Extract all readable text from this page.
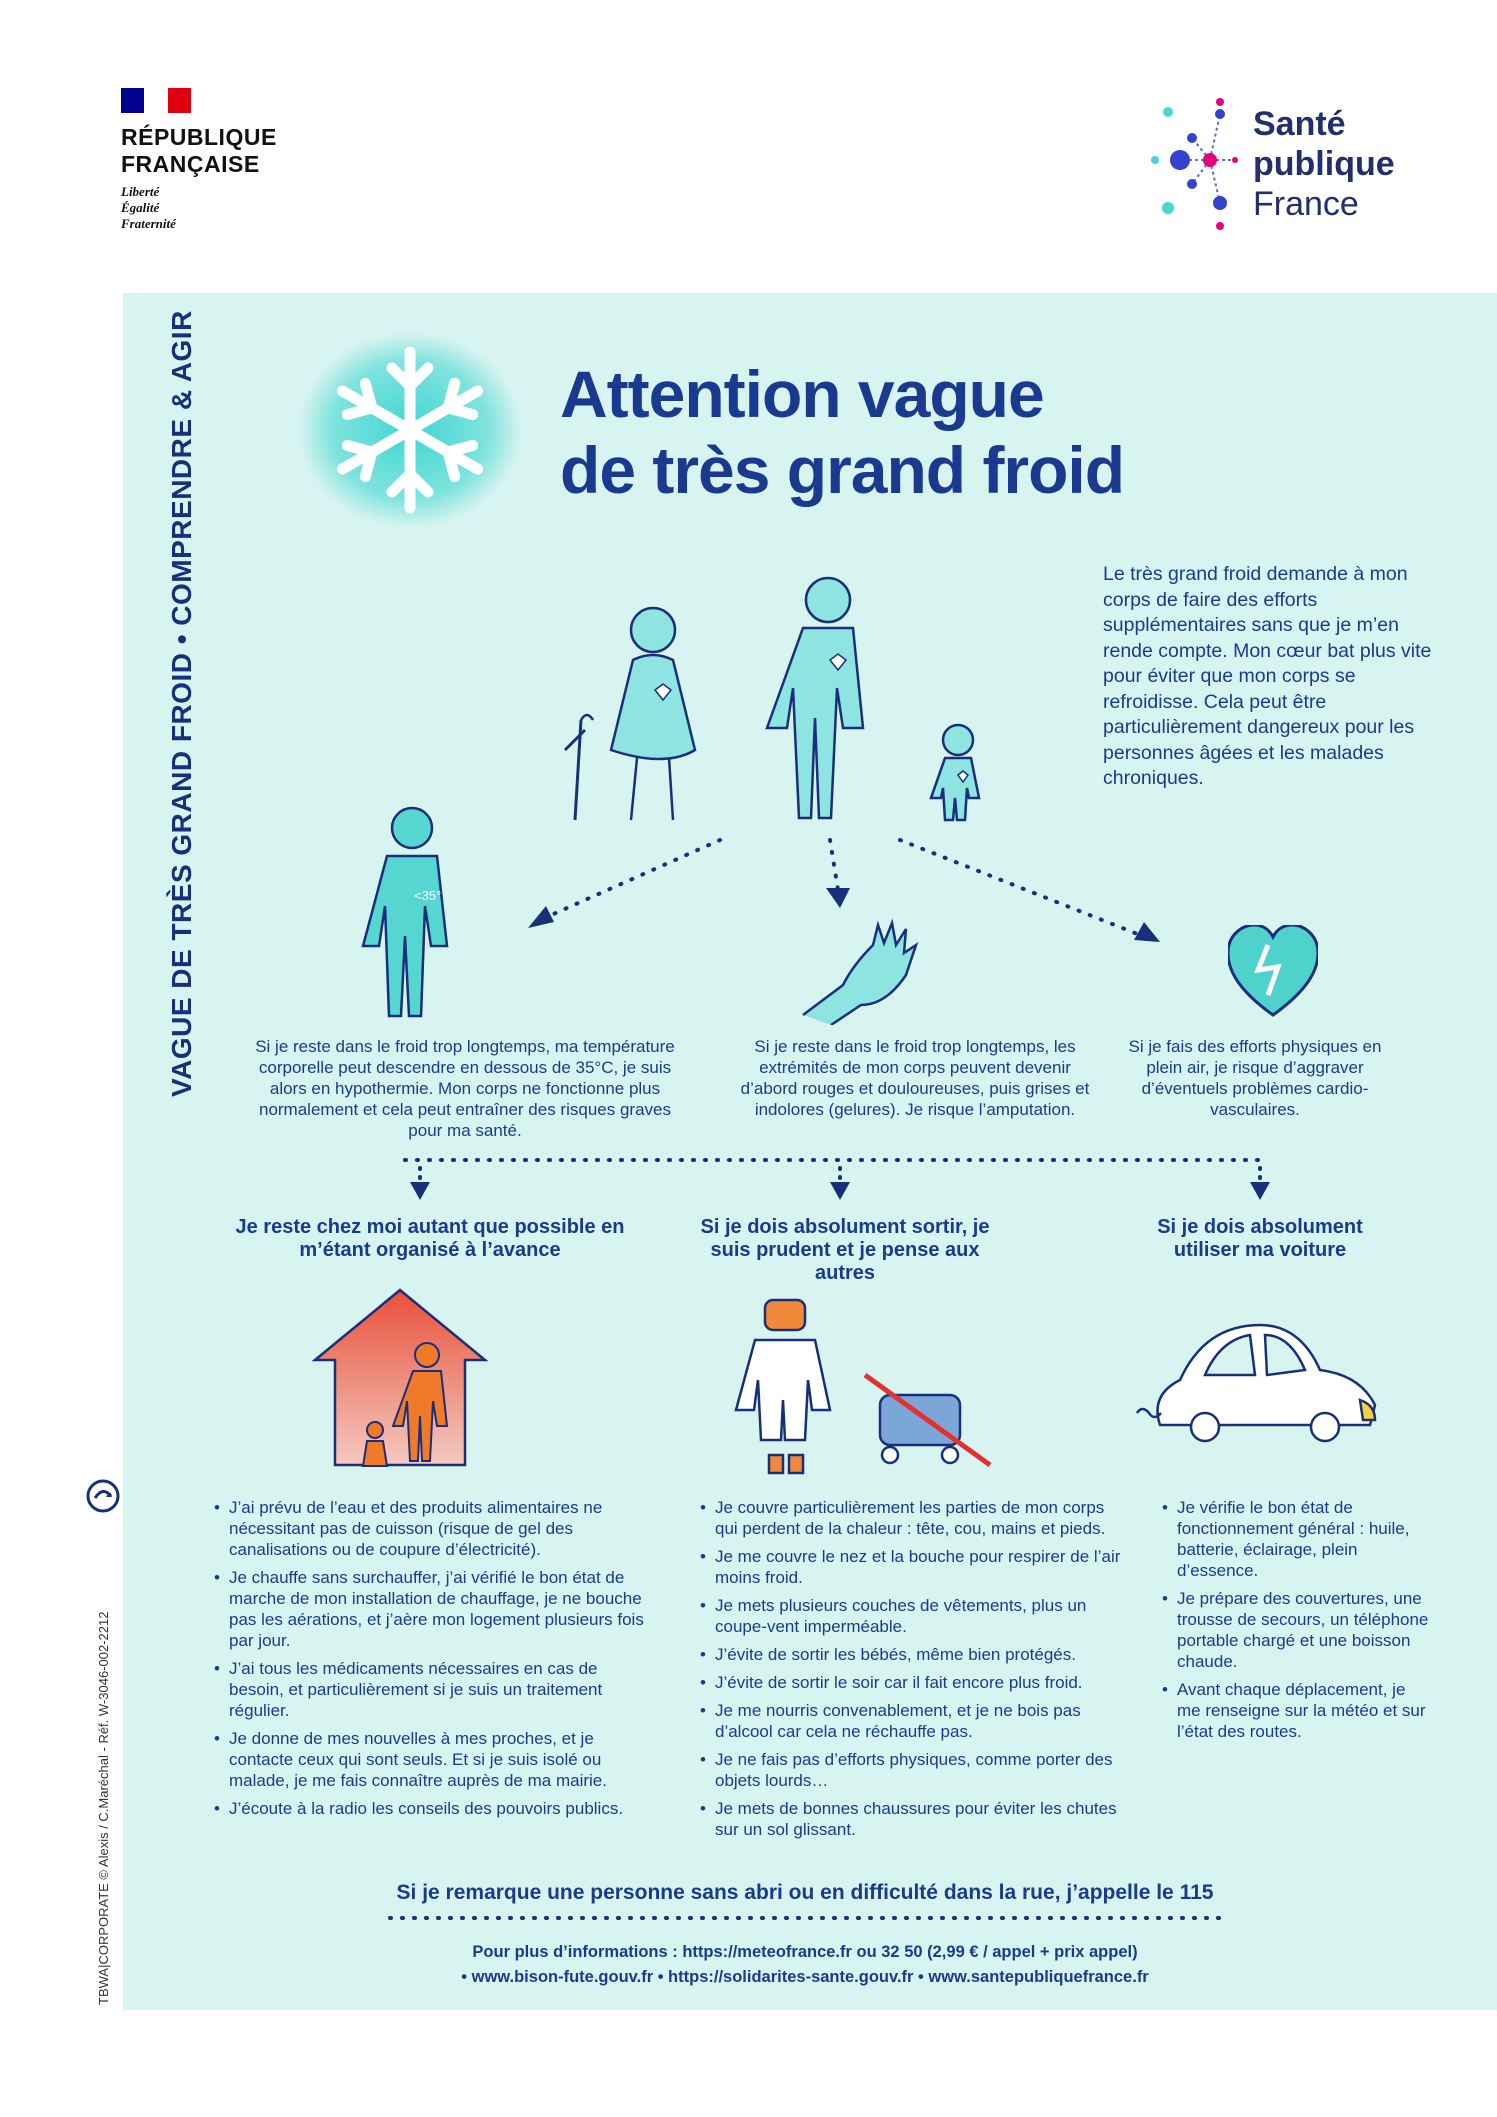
RÉPUBLIQUE
FRANÇAISE
Liberté
Égalité
Fraternité
Santé
publique
France
VAGUE DE TRÈS GRAND FROID • COMPRENDRE & AGIR
TBWA|CORPORATE © Alexis / C.Maréchal - Réf. W-3046-002-2212
Attention vague
de très grand froid
Le très grand froid demande à mon corps de faire des efforts supplémentaires sans que je m’en rende compte. Mon cœur bat plus vite pour éviter que mon corps se refroidisse. Cela peut être particulièrement dangereux pour les personnes âgées et les malades chroniques.
<35°
Si je reste dans le froid trop longtemps, ma température corporelle peut descendre en dessous de 35°C, je suis alors en hypothermie. Mon corps ne fonctionne plus normalement et cela peut entraîner des risques graves pour ma santé.
Si je reste dans le froid trop longtemps, les extrémités de mon corps peuvent devenir d’abord rouges et douloureuses, puis grises et indolores (gelures). Je risque l’amputation.
Si je fais des efforts physiques en plein air, je risque d’aggraver d’éventuels problèmes cardio-vasculaires.
Je reste chez moi autant que possible en m’étant organisé à l’avance
Si je dois absolument sortir, je suis prudent et je pense aux autres
Si je dois absolument utiliser ma voiture
• J’ai prévu de l’eau et des produits alimentaires ne nécessitant pas de cuisson (risque de gel des canalisations ou de coupure d’électricité).
• Je chauffe sans surchauffer, j’ai vérifié le bon état de marche de mon installation de chauffage, je ne bouche pas les aérations, et j’aère mon logement plusieurs fois par jour.
• J’ai tous les médicaments nécessaires en cas de besoin, et particulièrement si je suis un traitement régulier.
• Je donne de mes nouvelles à mes proches, et je contacte ceux qui sont seuls. Et si je suis isolé ou malade, je me fais connaître auprès de ma mairie.
• J’écoute à la radio les conseils des pouvoirs publics.
• Je couvre particulièrement les parties de mon corps qui perdent de la chaleur : tête, cou, mains et pieds.
• Je me couvre le nez et la bouche pour respirer de l’air moins froid.
• Je mets plusieurs couches de vêtements, plus un coupe-vent imperméable.
• J’évite de sortir les bébés, même bien protégés.
• J’évite de sortir le soir car il fait encore plus froid.
• Je me nourris convenablement, et je ne bois pas d’alcool car cela ne réchauffe pas.
• Je ne fais pas d’efforts physiques, comme porter des objets lourds…
• Je mets de bonnes chaussures pour éviter les chutes sur un sol glissant.
• Je vérifie le bon état de fonctionnement général : huile, batterie, éclairage, plein d’essence.
• Je prépare des couvertures, une trousse de secours, un téléphone portable chargé et une boisson chaude.
• Avant chaque déplacement, je me renseigne sur la météo et sur l’état des routes.
Si je remarque une personne sans abri ou en difficulté dans la rue, j’appelle le 115
Pour plus d’informations : https://meteofrance.fr ou 32 50 (2,99 € / appel + prix appel)
• www.bison-fute.gouv.fr • https://solidarites-sante.gouv.fr • www.santepubliquefrance.fr
